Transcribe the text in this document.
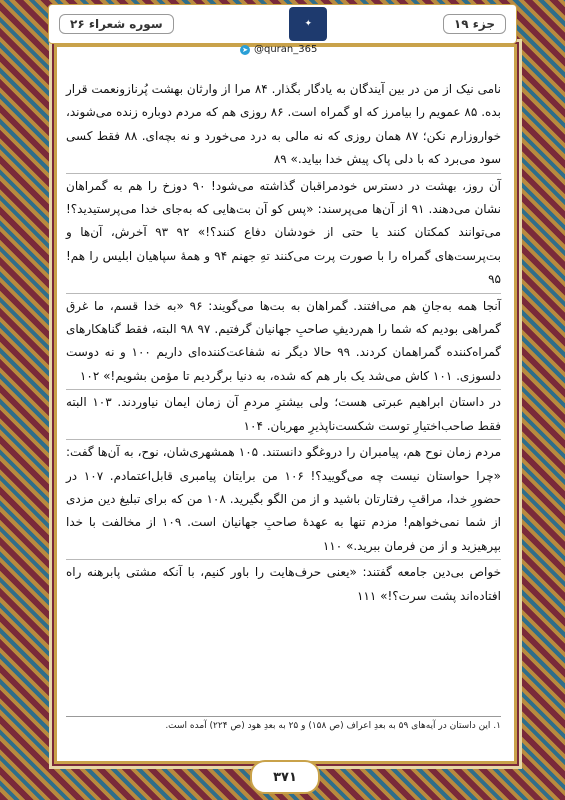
سوره شعراء ۲۶	✦	جزء ۱۹
➤ @quran_365

نامی نیک از من در بین آیندگان به یادگار بگذار. ۸۴ مرا از وارثان بهشت پُرنازونعمت قرار بده. ۸۵ عمویم را بیامرز که او گمراه است. ۸۶ روزی هم که مردم دوباره زنده می‌شوند، خوار‌وزارم نکن؛ ۸۷ همان روزی که نه مالی به درد می‌خورد و نه بچه‌ای. ۸۸ فقط کسی سود می‌برد که با دلی پاک پیش خدا بیاید.» ۸۹

آن روز، بهشت در دسترس خودمراقبان گذاشته می‌شود! ۹۰ دوزخ را هم به گمراهان نشان می‌دهند. ۹۱ از آن‌ها می‌پرسند: «پس کو آن بت‌هایی که به‌جای خدا می‌پرستیدید؟! می‌توانند کمکتان کنند یا حتی از خودشان دفاع کنند؟!» ۹۲ ۹۳ آخرش، آن‌ها و بت‌پرست‌های گمراه را با صورت پرت می‌کنند تهِ جهنم ۹۴ و همهٔ سپاهیان ابلیس را هم! ۹۵

آنجا همه به‌جانِ هم می‌افتند. گمراهان به بت‌ها می‌گویند: ۹۶ «به خدا قسم، ما غرق گمراهی بودیم که شما را هم‌ردیفِ صاحبِ جهانیان گرفتیم. ۹۷ ۹۸ البته، فقط گناهکارهای گمراه‌کننده گمراهمان کردند. ۹۹ حالا دیگر نه شفاعت‌کننده‌ای داریم ۱۰۰ و نه دوست دلسوزی. ۱۰۱ کاش می‌شد یک بار هم که شده، به دنیا برگردیم تا مؤمن بشویم!» ۱۰۲

در داستان ابراهیم عبرتی هست؛ ولی بیشترِ مردمِ آن زمان ایمان نیاوردند. ۱۰۳ البته فقط صاحب‌اختیارِ توست شکست‌ناپذیرِ مهربان. ۱۰۴

مردم زمان نوح هم، پیامبران را دروغگو دانستند. ۱۰۵ همشهری‌شان، نوح، به آن‌ها گفت: «چرا حواستان نیست چه می‌گویید؟! ۱۰۶ من برایتان پیامبری قابل‌اعتمادم. ۱۰۷ در حضورِ خدا، مراقبِ رفتارتان باشید و از من الگو بگیرید. ۱۰۸ من که برای تبلیغ دین مزدی از شما نمی‌خواهم! مزدم تنها به عهدهٔ صاحبِ جهانیان است. ۱۰۹ از مخالفت با خدا بپرهیزید و از من فرمان ببرید.» ۱۱۰

خواص بی‌دین جامعه گفتند: «یعنی حرف‌هایت را باور کنیم، با آنکه مشتی پابرهنه راه افتاده‌اند پشت سرت؟!» ۱۱۱

۱. این داستان در آیه‌های ۵۹ به بعدِ اعراف (ص ۱۵۸) و ۲۵ به بعدِ هود (ص ۲۲۴) آمده است.
۳۷۱
